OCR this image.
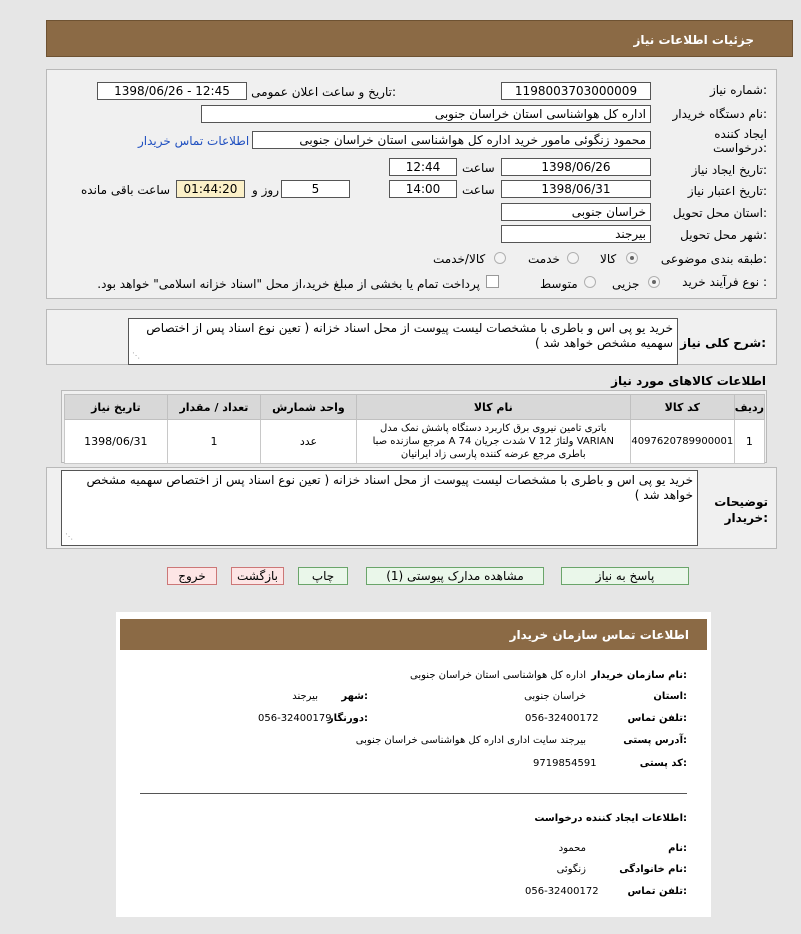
جزئیات اطلاعات نیاز
شماره نیاز:
1198003703000009
تاریخ و ساعت اعلان عمومی:
1398/06/26 - 12:45
نام دستگاه خریدار:
اداره کل هواشناسی استان خراسان جنوبی
ایجاد کننده
درخواست:
محمود زنگوئی مامور خرید اداره کل هواشناسی استان خراسان جنوبی
اطلاعات تماس خریدار
تاریخ ایجاد نیاز:
1398/06/26
ساعت
12:44
تاریخ اعتبار نیاز:
1398/06/31
ساعت
14:00
5
روز و
01:44:20
ساعت باقی مانده
استان محل تحویل:
خراسان جنوبی
شهر محل تحویل:
بیرجند
طبقه بندی موضوعی:
کالا
خدمت
کالا/خدمت
نوع فرآیند خرید :
جزیی
متوسط
پرداخت تمام یا بخشی از مبلغ خرید،از محل "اسناد خزانه اسلامی" خواهد بود.
شرح کلی نیاز:
خرید یو پی اس و باطری با مشخصات لیست پیوست از محل اسناد خزانه ( تعین نوع اسناد پس از اختصاص سهمیه مشخص خواهد شد )
⋰
اطلاعات کالاهای مورد نیاز
ردیف	کد کالا	نام کالا	واحد شمارش	تعداد / مقدار	تاریخ نیاز
1	4097620789900001	باتری تامین نیروی برق کاربرد دستگاه پاشش نمک مدل VARIAN ولتاژ 12 V شدت جریان 74 A مرجع سازنده صبا باطری مرجع عرضه کننده پارسی زاد ایرانیان	عدد	1	1398/06/31
توضیحات
خریدار:
خرید یو پی اس و باطری با مشخصات لیست پیوست از محل اسناد خزانه ( تعین نوع اسناد پس از اختصاص سهمیه مشخص خواهد شد )
⋰
پاسخ به نیاز
مشاهده مدارک پیوستی (1)
چاپ
بازگشت
خروج
اطلاعات تماس سازمان خریدار
نام سازمان خریدار:
اداره کل هواشناسی استان خراسان جنوبی
استان:
خراسان جنوبی
شهر:
بیرجند
تلفن تماس:
056-32400172
دورنگار:
056-32400179
آدرس پستی:
بیرجند سایت اداری اداره کل هواشناسی خراسان جنوبی
کد پستی:
9719854591
اطلاعات ایجاد کننده درخواست:
نام:
محمود
نام خانوادگی:
زنگوئی
تلفن تماس:
056-32400172
